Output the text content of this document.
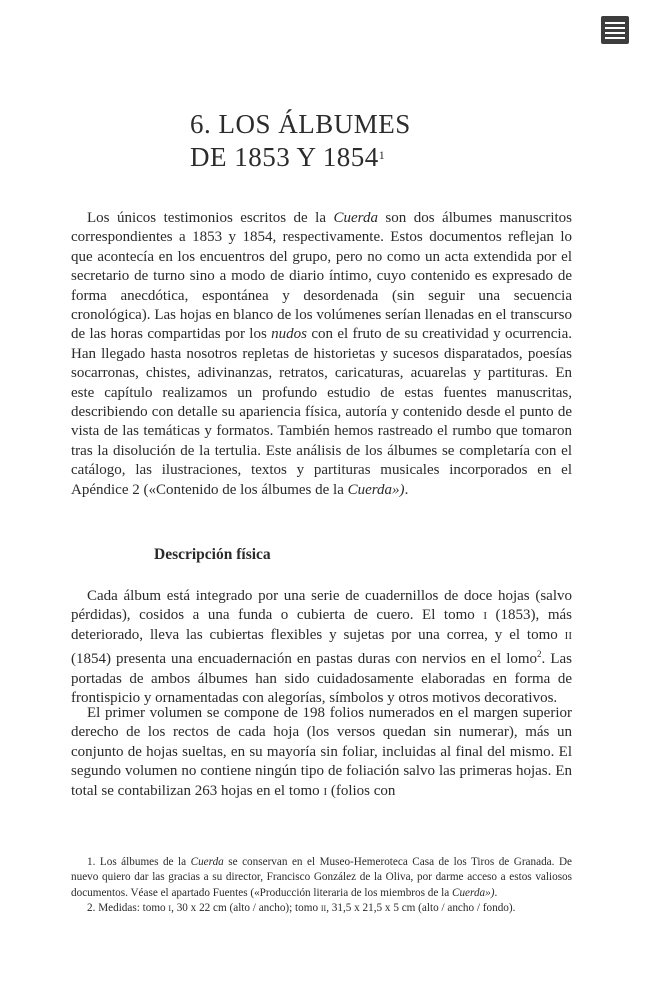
6. LOS ÁLBUMES
DE 1853 Y 1854$^1$

Los únicos testimonios escritos de la Cuerda son dos álbumes manuscritos correspondientes a 1853 y 1854, respectivamente. Estos documentos reflejan lo que acontecía en los encuentros del grupo, pero no como un acta extendida por el secretario de turno sino a modo de diario íntimo, cuyo contenido es expresado de forma anecdótica, espontánea y desordenada (sin seguir una secuencia cronológica). Las hojas en blanco de los volúmenes serían llenadas en el transcurso de las horas compartidas por los nudos con el fruto de su creatividad y ocurrencia. Han llegado hasta nosotros repletas de historietas y sucesos disparatados, poesías socarronas, chistes, adivinanzas, retratos, caricaturas, acuarelas y partituras. En este capítulo realizamos un profundo estudio de estas fuentes manuscritas, describiendo con detalle su apariencia física, autoría y contenido desde el punto de vista de las temáticas y formatos. También hemos rastreado el rumbo que tomaron tras la disolución de la tertulia. Este análisis de los álbumes se completaría con el catálogo, las ilustraciones, textos y partituras musicales incorporados en el Apéndice 2 («Contenido de los álbumes de la Cuerda»).

Descripción física

Cada álbum está integrado por una serie de cuadernillos de doce hojas (salvo pérdidas), cosidos a una funda o cubierta de cuero. El tomo i (1853), más deteriorado, lleva las cubiertas flexibles y sujetas por una correa, y el tomo ii (1854) presenta una encuadernación en pastas duras con nervios en el lomo$^2$. Las portadas de ambos álbumes han sido cuidadosamente elaboradas en forma de frontispicio y ornamentadas con alegorías, símbolos y otros motivos decorativos.

El primer volumen se compone de 198 folios numerados en el margen superior derecho de los rectos de cada hoja (los versos quedan sin numerar), más un conjunto de hojas sueltas, en su mayoría sin foliar, incluidas al final del mismo. El segundo volumen no contiene ningún tipo de foliación salvo las primeras hojas. En total se contabilizan 263 hojas en el tomo i (folios con

1. Los álbumes de la Cuerda se conservan en el Museo-Hemeroteca Casa de los Tiros de Granada. De nuevo quiero dar las gracias a su director, Francisco González de la Oliva, por darme acceso a estos valiosos documentos. Véase el apartado Fuentes («Producción literaria de los miembros de la Cuerda»).

2. Medidas: tomo i, 30 x 22 cm (alto / ancho); tomo ii, 31,5 x 21,5 x 5 cm (alto / ancho / fondo).
